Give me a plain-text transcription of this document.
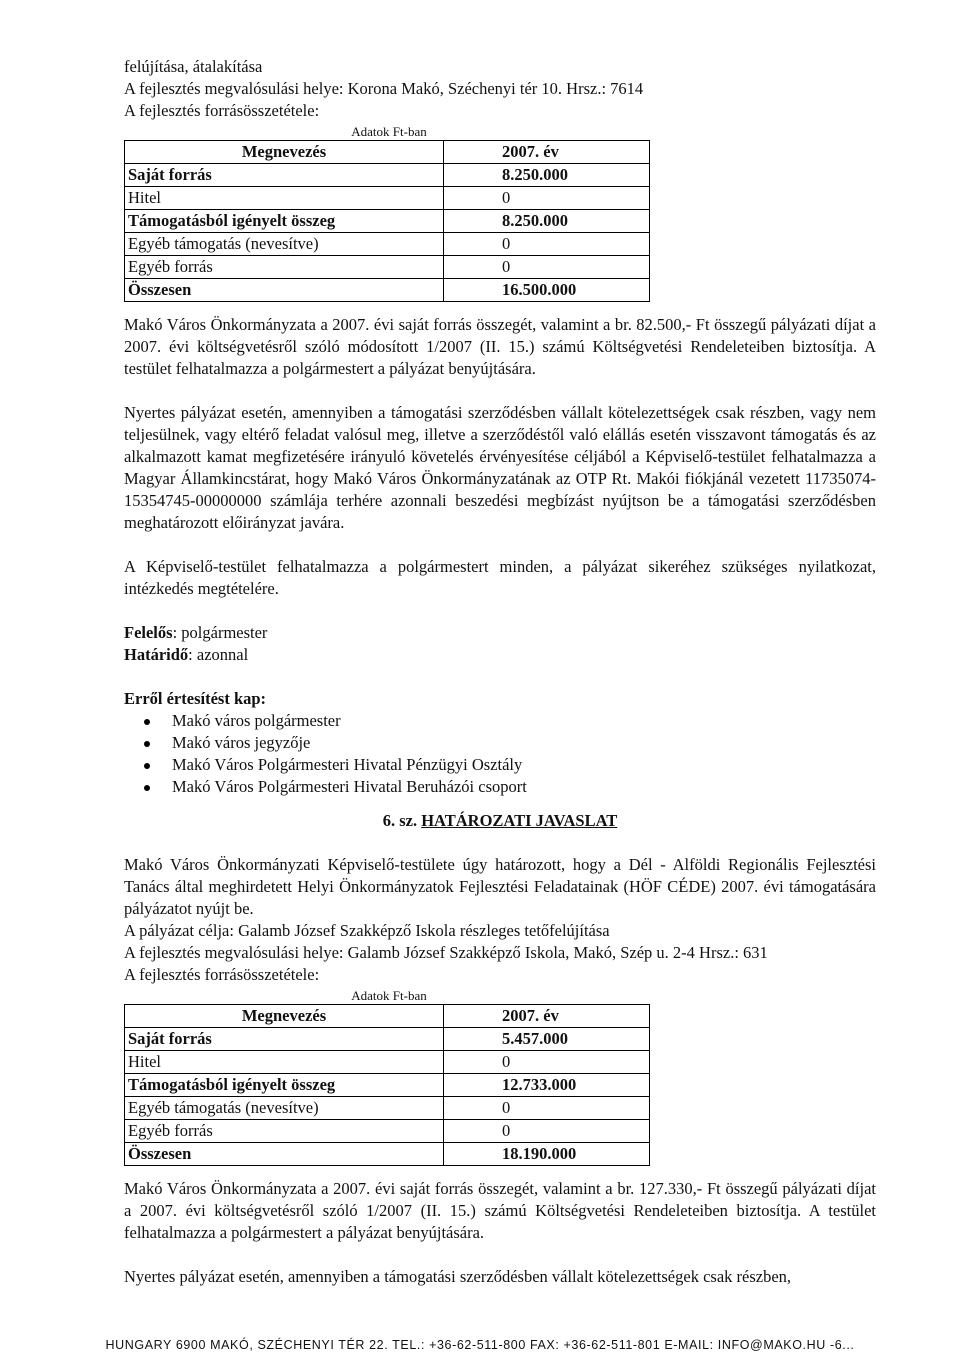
felújítása, átalakítása
A fejlesztés megvalósulási helye: Korona Makó, Széchenyi tér 10. Hrsz.: 7614
A fejlesztés forrásösszetétele:
Adatok Ft-ban
Megnevezés	2007. év
Saját forrás	8.250.000
Hitel	0
Támogatásból igényelt összeg	8.250.000
Egyéb támogatás (nevesítve)	0
Egyéb forrás	0
Összesen	16.500.000
Makó Város Önkormányzata a 2007. évi saját forrás összegét, valamint a br. 82.500,- Ft összegű pályázati díjat a 2007. évi költségvetésről szóló módosított 1/2007 (II. 15.) számú Költségvetési Rendeleteiben biztosítja. A testület felhatalmazza a polgármestert a pályázat benyújtására.
Nyertes pályázat esetén, amennyiben a támogatási szerződésben vállalt kötelezettségek csak részben, vagy nem teljesülnek, vagy eltérő feladat valósul meg, illetve a szerződéstől való elállás esetén visszavont támogatás és az alkalmazott kamat megfizetésére irányuló követelés érvényesítése céljából a Képviselő-testület felhatalmazza a Magyar Államkincstárat, hogy Makó Város Önkormányzatának az OTP Rt. Makói fiókjánál vezetett 11735074-15354745-00000000 számlája terhére azonnali beszedési megbízást nyújtson be a támogatási szerződésben meghatározott előirányzat javára.
A Képviselő-testület felhatalmazza a polgármestert minden, a pályázat sikeréhez szükséges nyilatkozat, intézkedés megtételére.
Felelős: polgármester
Határidő: azonnal
Erről értesítést kap:
Makó város polgármester
Makó város jegyzője
Makó Város Polgármesteri Hivatal Pénzügyi Osztály
Makó Város Polgármesteri Hivatal Beruházói csoport
6. sz. HATÁROZATI JAVASLAT
Makó Város Önkormányzati Képviselő-testülete úgy határozott, hogy a Dél - Alföldi Regionális Fejlesztési Tanács által meghirdetett Helyi Önkormányzatok Fejlesztési Feladatainak (HÖF CÉDE) 2007. évi támogatására pályázatot nyújt be.
A pályázat célja: Galamb József Szakképző Iskola részleges tetőfelújítása
A fejlesztés megvalósulási helye: Galamb József Szakképző Iskola, Makó, Szép u. 2-4 Hrsz.: 631
A fejlesztés forrásösszetétele:
Adatok Ft-ban
Megnevezés	2007. év
Saját forrás	5.457.000
Hitel	0
Támogatásból igényelt összeg	12.733.000
Egyéb támogatás (nevesítve)	0
Egyéb forrás	0
Összesen	18.190.000
Makó Város Önkormányzata a 2007. évi saját forrás összegét, valamint a br. 127.330,- Ft összegű pályázati díjat a 2007. évi költségvetésről szóló 1/2007 (II. 15.) számú Költségvetési Rendeleteiben biztosítja. A testület felhatalmazza a polgármestert a pályázat benyújtására.
Nyertes pályázat esetén, amennyiben a támogatási szerződésben vállalt kötelezettségek csak részben,
HUNGARY 6900 MAKÓ, SZÉCHENYI TÉR 22. TEL.: +36-62-511-800 FAX: +36-62-511-801 E-MAIL: INFO@MAKO.HU -6...
